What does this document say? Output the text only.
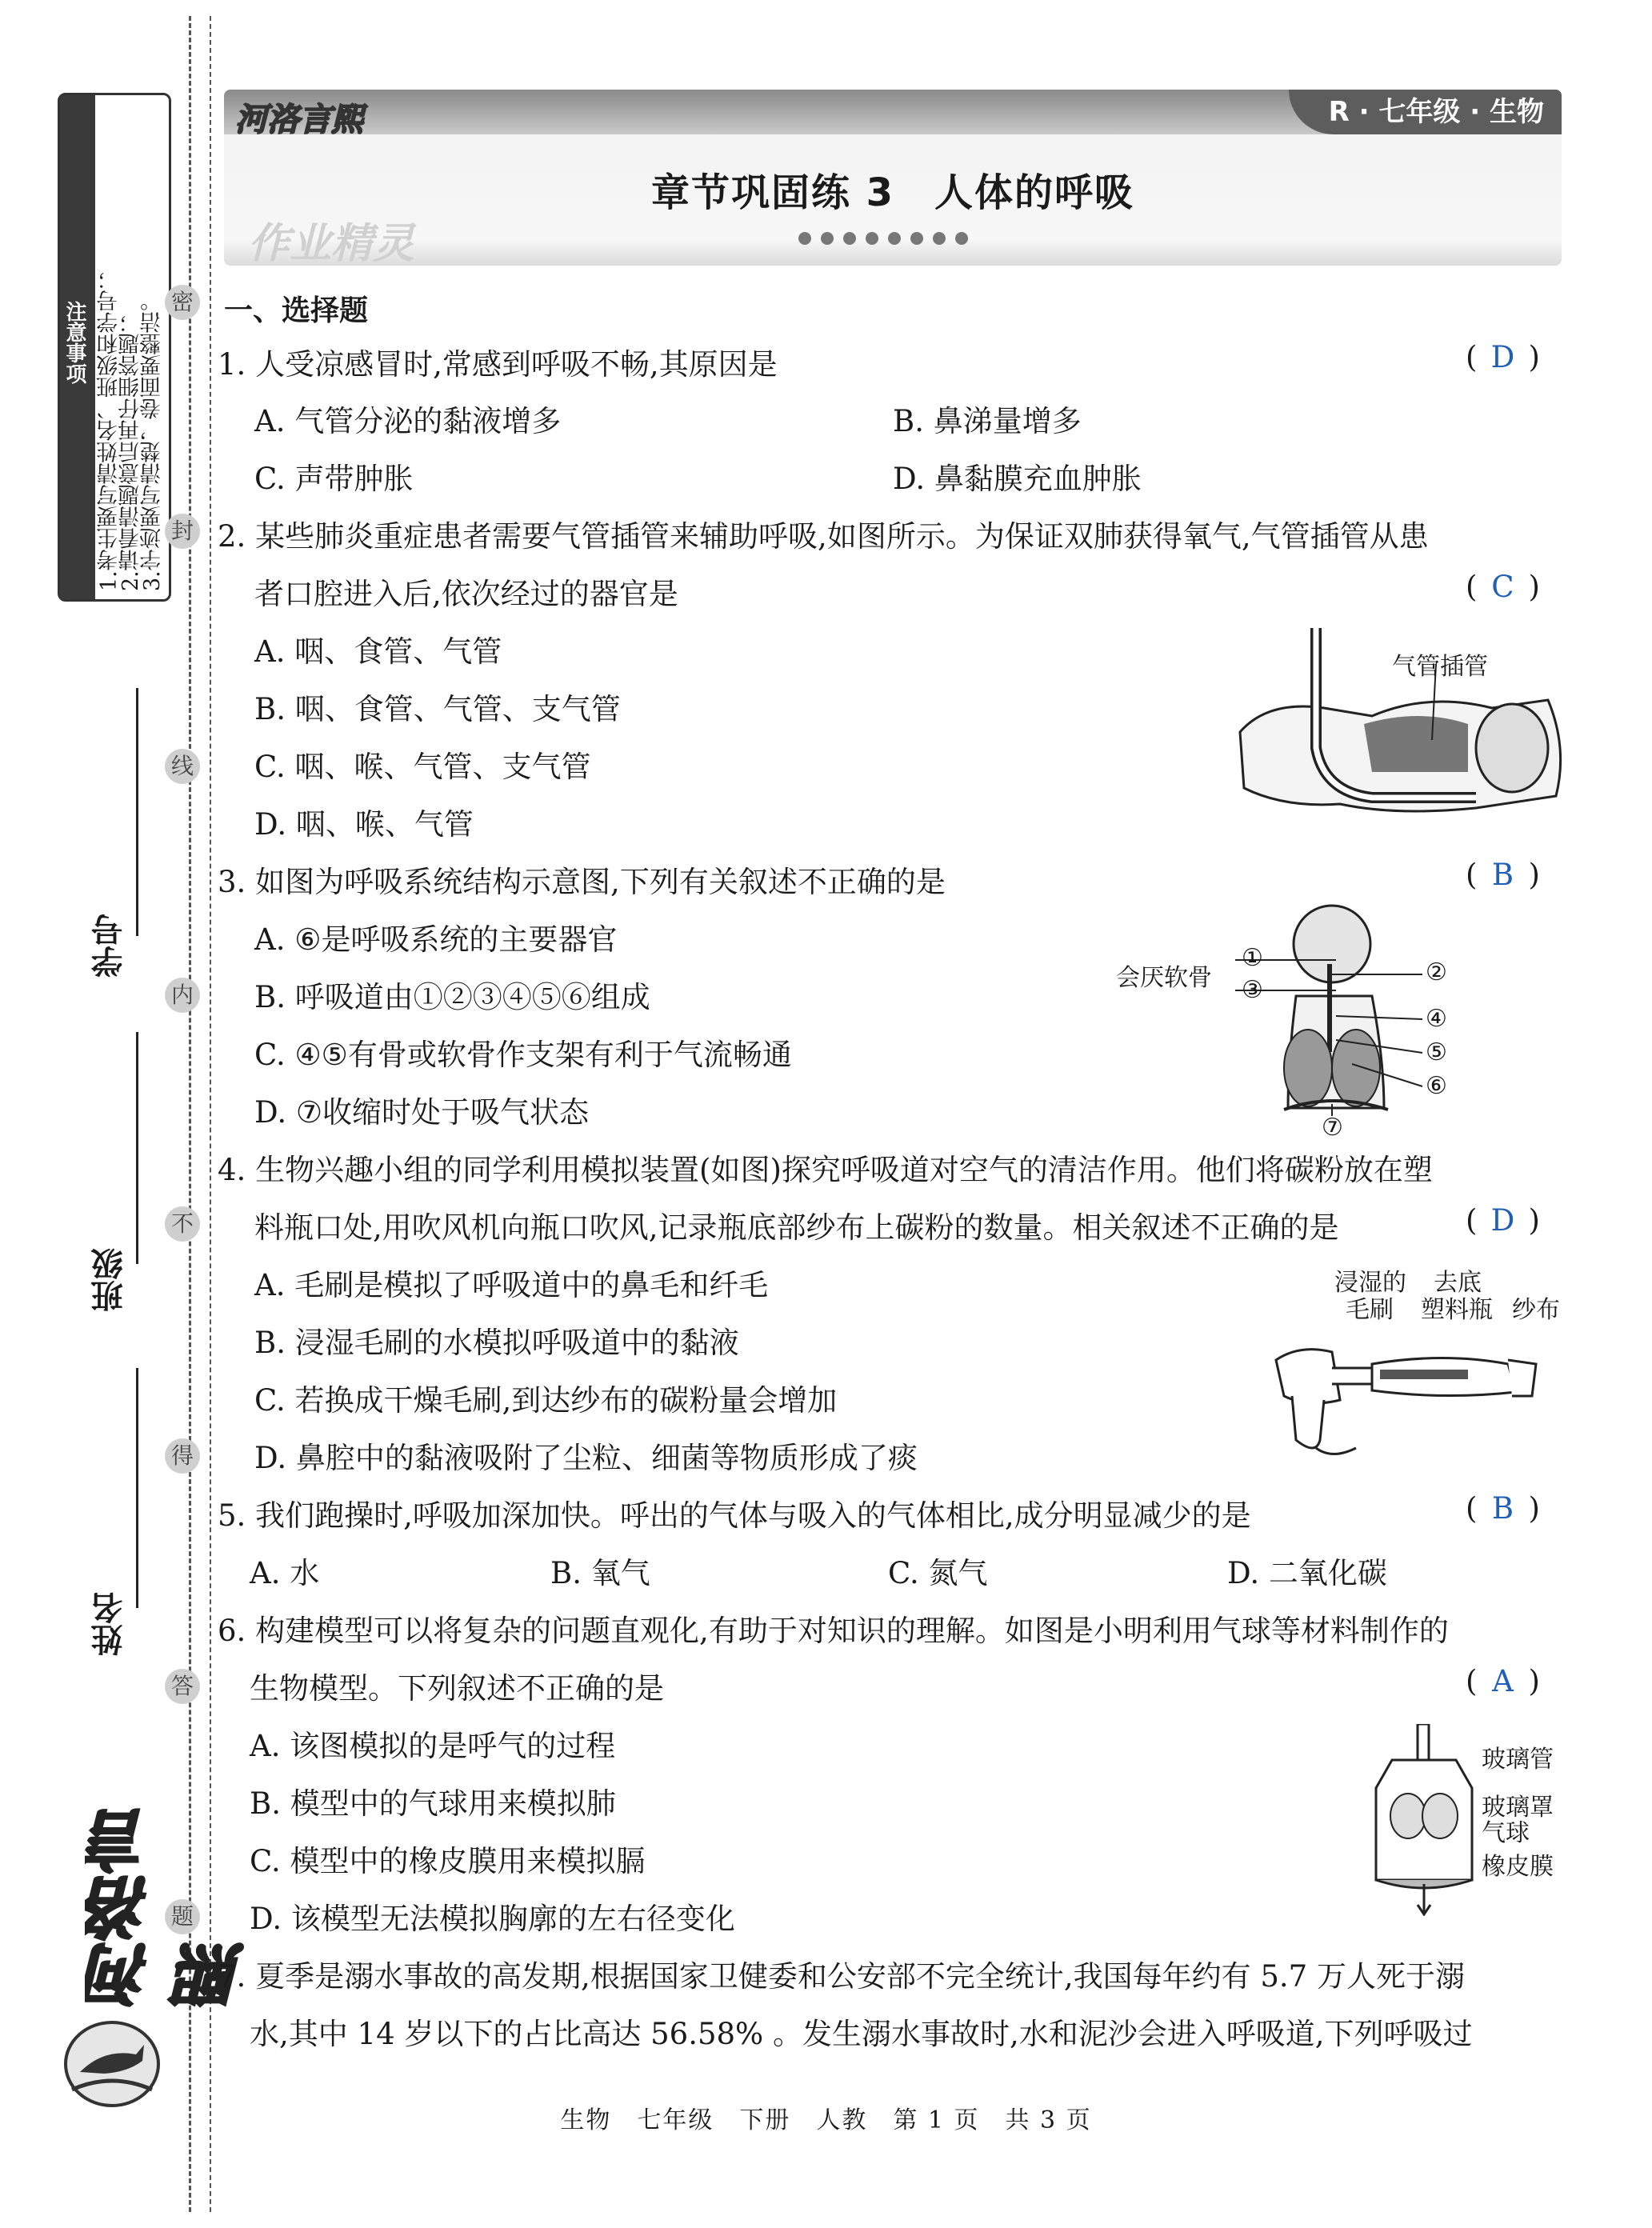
注意事项 1.考生要写清姓名、班级和学号；
2.请看清题意后再仔细答题；
3.字迹要写清楚，卷面要整洁。 密
封
线
内
不
得
答
题
学号
班级
姓名
河洛言熙
河洛言熙	R · 七年级 · 生物
作业精灵
章节巩固练 3　人体的呼吸
一、选择题
1. 人受凉感冒时,常感到呼吸不畅,其原因是	( D )
A. 气管分泌的黏液增多	B. 鼻涕量增多
C. 声带肿胀	D. 鼻黏膜充血肿胀
2. 某些肺炎重症患者需要气管插管来辅助呼吸,如图所示。为保证双肺获得氧气,气管插管从患
者口腔进入后,依次经过的器官是	( C )
A. 咽、食管、气管
B. 咽、食管、气管、支气管
C. 咽、喉、气管、支气管
D. 咽、喉、气管
气管插管
3. 如图为呼吸系统结构示意图,下列有关叙述不正确的是	( B )
A. ⑥是呼吸系统的主要器官
B. 呼吸道由①②③④⑤⑥组成
C. ④⑤有骨或软骨作支架有利于气流畅通
D. ⑦收缩时处于吸气状态
会厌软骨
①
②
③
④
⑤
⑥
⑦
4. 生物兴趣小组的同学利用模拟装置(如图)探究呼吸道对空气的清洁作用。他们将碳粉放在塑
料瓶口处,用吹风机向瓶口吹风,记录瓶底部纱布上碳粉的数量。相关叙述不正确的是	( D )
A. 毛刷是模拟了呼吸道中的鼻毛和纤毛
B. 浸湿毛刷的水模拟呼吸道中的黏液
C. 若换成干燥毛刷,到达纱布的碳粉量会增加
D. 鼻腔中的黏液吸附了尘粒、细菌等物质形成了痰
浸湿的
毛刷
去底
塑料瓶 纱布
5. 我们跑操时,呼吸加深加快。呼出的气体与吸入的气体相比,成分明显减少的是	( B )
A. 水	B. 氧气	C. 氮气	D. 二氧化碳
6. 构建模型可以将复杂的问题直观化,有助于对知识的理解。如图是小明利用气球等材料制作的
生物模型。下列叙述不正确的是	( A )
A. 该图模拟的是呼气的过程
B. 模型中的气球用来模拟肺
C. 模型中的橡皮膜用来模拟膈
D. 该模型无法模拟胸廓的左右径变化
玻璃管
玻璃罩
气球
橡皮膜
7. 夏季是溺水事故的高发期,根据国家卫健委和公安部不完全统计,我国每年约有 5.7 万人死于溺
水,其中 14 岁以下的占比高达 56.58% 。发生溺水事故时,水和泥沙会进入呼吸道,下列呼吸过
生物　七年级　下册　人教　第 1 页　共 3 页
